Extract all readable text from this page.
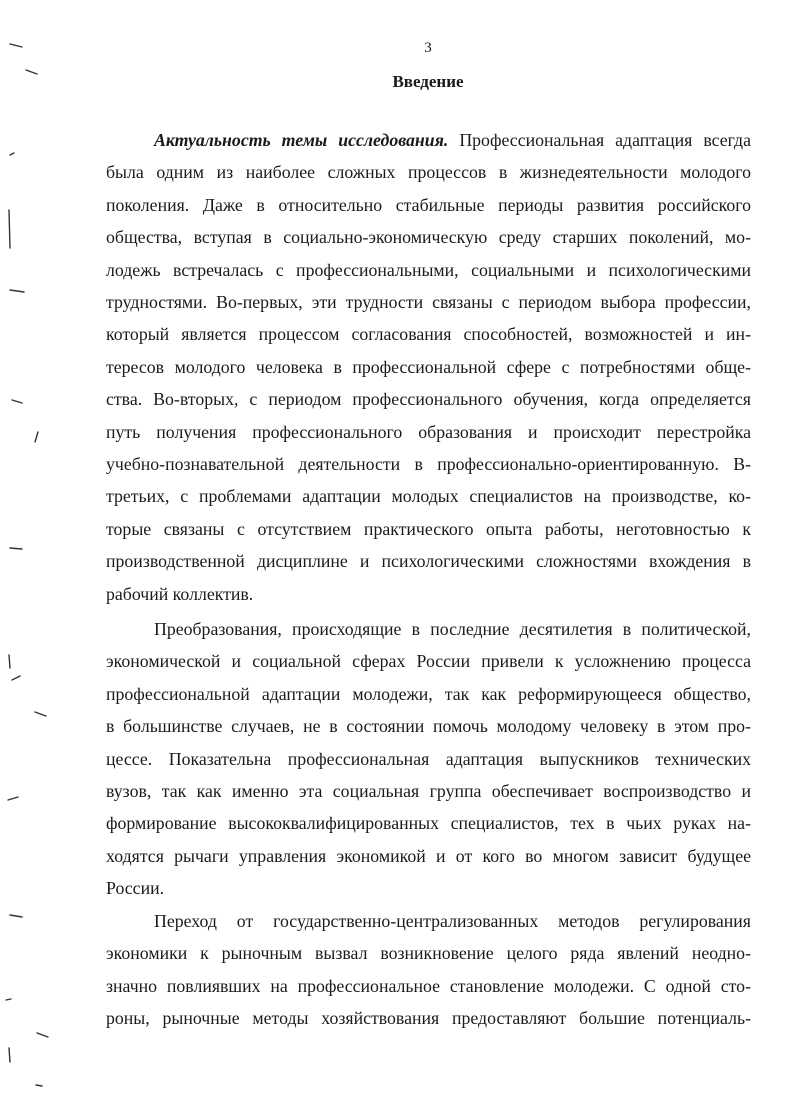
3
Введение
Актуальность темы исследования. Профессиональная адаптация всегда
была одним из наиболее сложных процессов в жизнедеятельности молодого
поколения. Даже в относительно стабильные периоды развития российского
общества, вступая в социально-экономическую среду старших поколений, мо-
лодежь встречалась с профессиональными, социальными и психологическими
трудностями. Во-первых, эти трудности связаны с периодом выбора профессии,
который является процессом согласования способностей, возможностей и ин-
тересов молодого человека в профессиональной сфере с потребностями обще-
ства. Во-вторых, с периодом профессионального обучения, когда определяется
путь получения профессионального образования и происходит перестройка
учебно-познавательной деятельности в профессионально-ориентированную. В-
третьих, с проблемами адаптации молодых специалистов на производстве, ко-
торые связаны с отсутствием практического опыта работы, неготовностью к
производственной дисциплине и психологическими сложностями вхождения в
рабочий коллектив.
Преобразования, происходящие в последние десятилетия в политической,
экономической и социальной сферах России привели к усложнению процесса
профессиональной адаптации молодежи, так как реформирующееся общество,
в большинстве случаев, не в состоянии помочь молодому человеку в этом про-
цессе. Показательна профессиональная адаптация выпускников технических
вузов, так как именно эта социальная группа обеспечивает воспроизводство и
формирование высококвалифицированных специалистов, тех в чьих руках на-
ходятся рычаги управления экономикой и от кого во многом зависит будущее
России.
Переход от государственно-централизованных методов регулирования
экономики к рыночным вызвал возникновение целого ряда явлений неодно-
значно повлиявших на профессиональное становление молодежи. С одной сто-
роны, рыночные методы хозяйствования предоставляют большие потенциаль-
